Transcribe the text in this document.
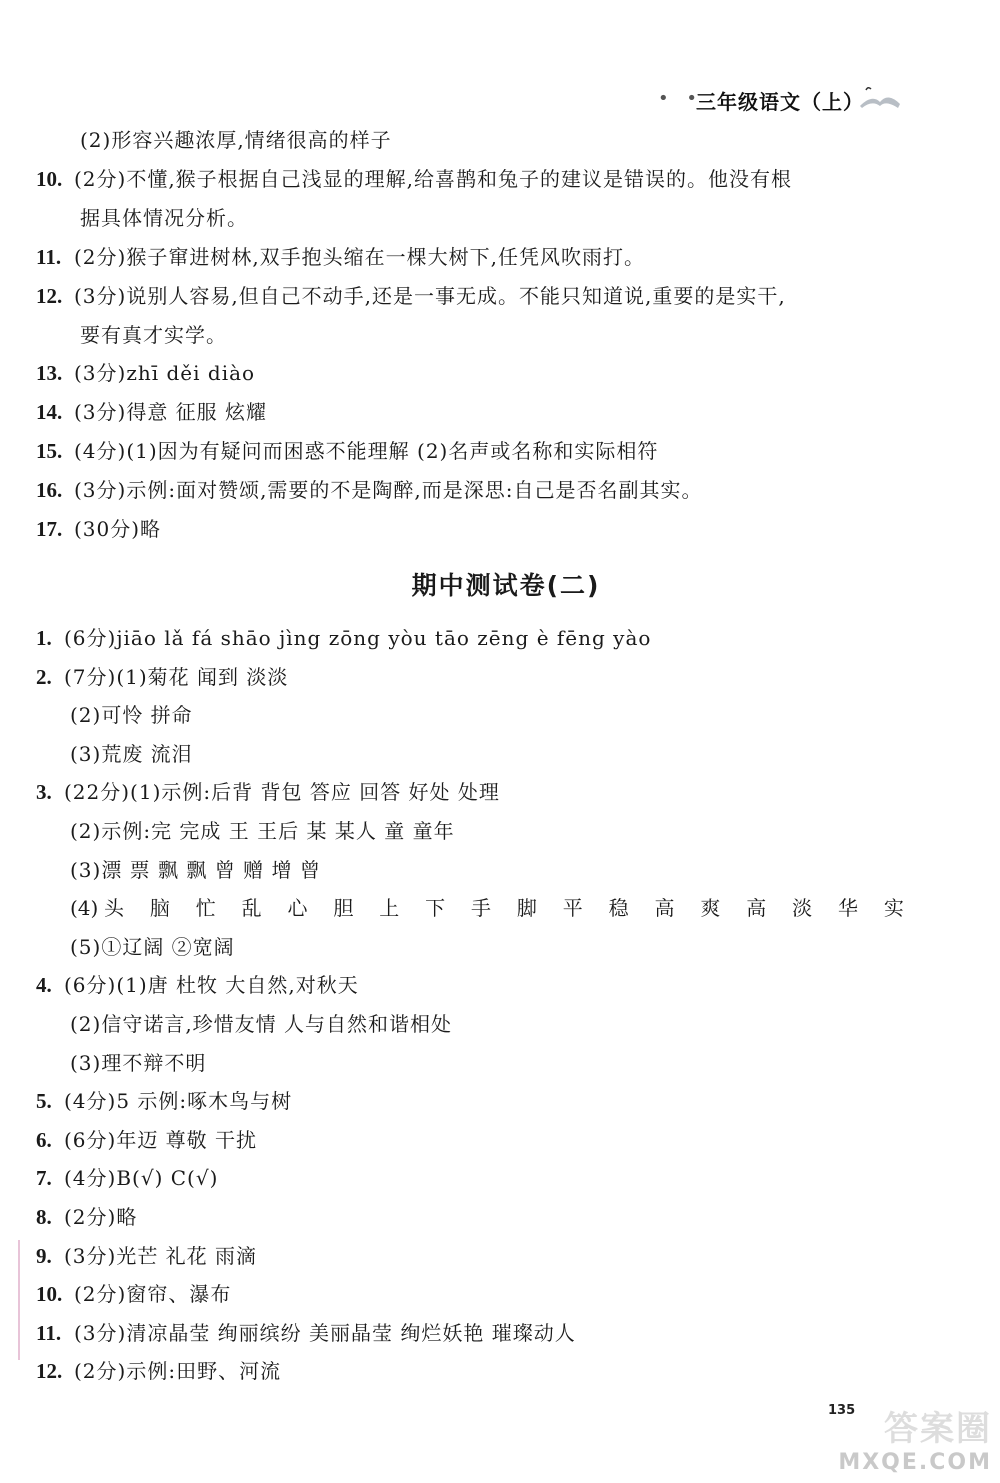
• •
三年级语文（上）
(2)形容兴趣浓厚,情绪很高的样子
10. (2分)不懂,猴子根据自己浅显的理解,给喜鹊和兔子的建议是错误的。他没有根
据具体情况分析。
11. (2分)猴子窜进树林,双手抱头缩在一棵大树下,任凭风吹雨打。
12. (3分)说别人容易,但自己不动手,还是一事无成。不能只知道说,重要的是实干,
要有真才实学。
13. (3分)zhī děi diào
14. (3分)得意 征服 炫耀
15. (4分)(1)因为有疑问而困惑不能理解 (2)名声或名称和实际相符
16. (3分)示例:面对赞颂,需要的不是陶醉,而是深思:自己是否名副其实。
17. (30分)略
期中测试卷(二)
1. (6分)jiāo lǎ fá shāo jìng zōng yòu tāo zēng è fēng yào
2. (7分)(1)菊花 闻到 淡淡
(2)可怜 拼命
(3)荒废 流泪
3. (22分)(1)示例:后背 背包 答应 回答 好处 处理
(2)示例:完 完成 王 王后 某 某人 童 童年
(3)漂 票 飘 飘 曾 赠 增 曾
(5)①辽阔 ②宽阔
4. (6分)(1)唐 杜牧 大自然,对秋天
(2)信守诺言,珍惜友情 人与自然和谐相处
(3)理不辩不明
5. (4分)5 示例:啄木鸟与树
6. (6分)年迈 尊敬 干扰
7. (4分)B(√) C(√)
8. (2分)略
9. (3分)光芒 礼花 雨滴
10. (2分)窗帘、瀑布
11. (3分)清凉晶莹 绚丽缤纷 美丽晶莹 绚烂妖艳 璀璨动人
12. (2分)示例:田野、河流
(4) 头 脑 忙 乱 心 胆 上 下 手 脚 平 稳 高 爽 高 淡 华 实
135 答案圈
MXQE.COM
